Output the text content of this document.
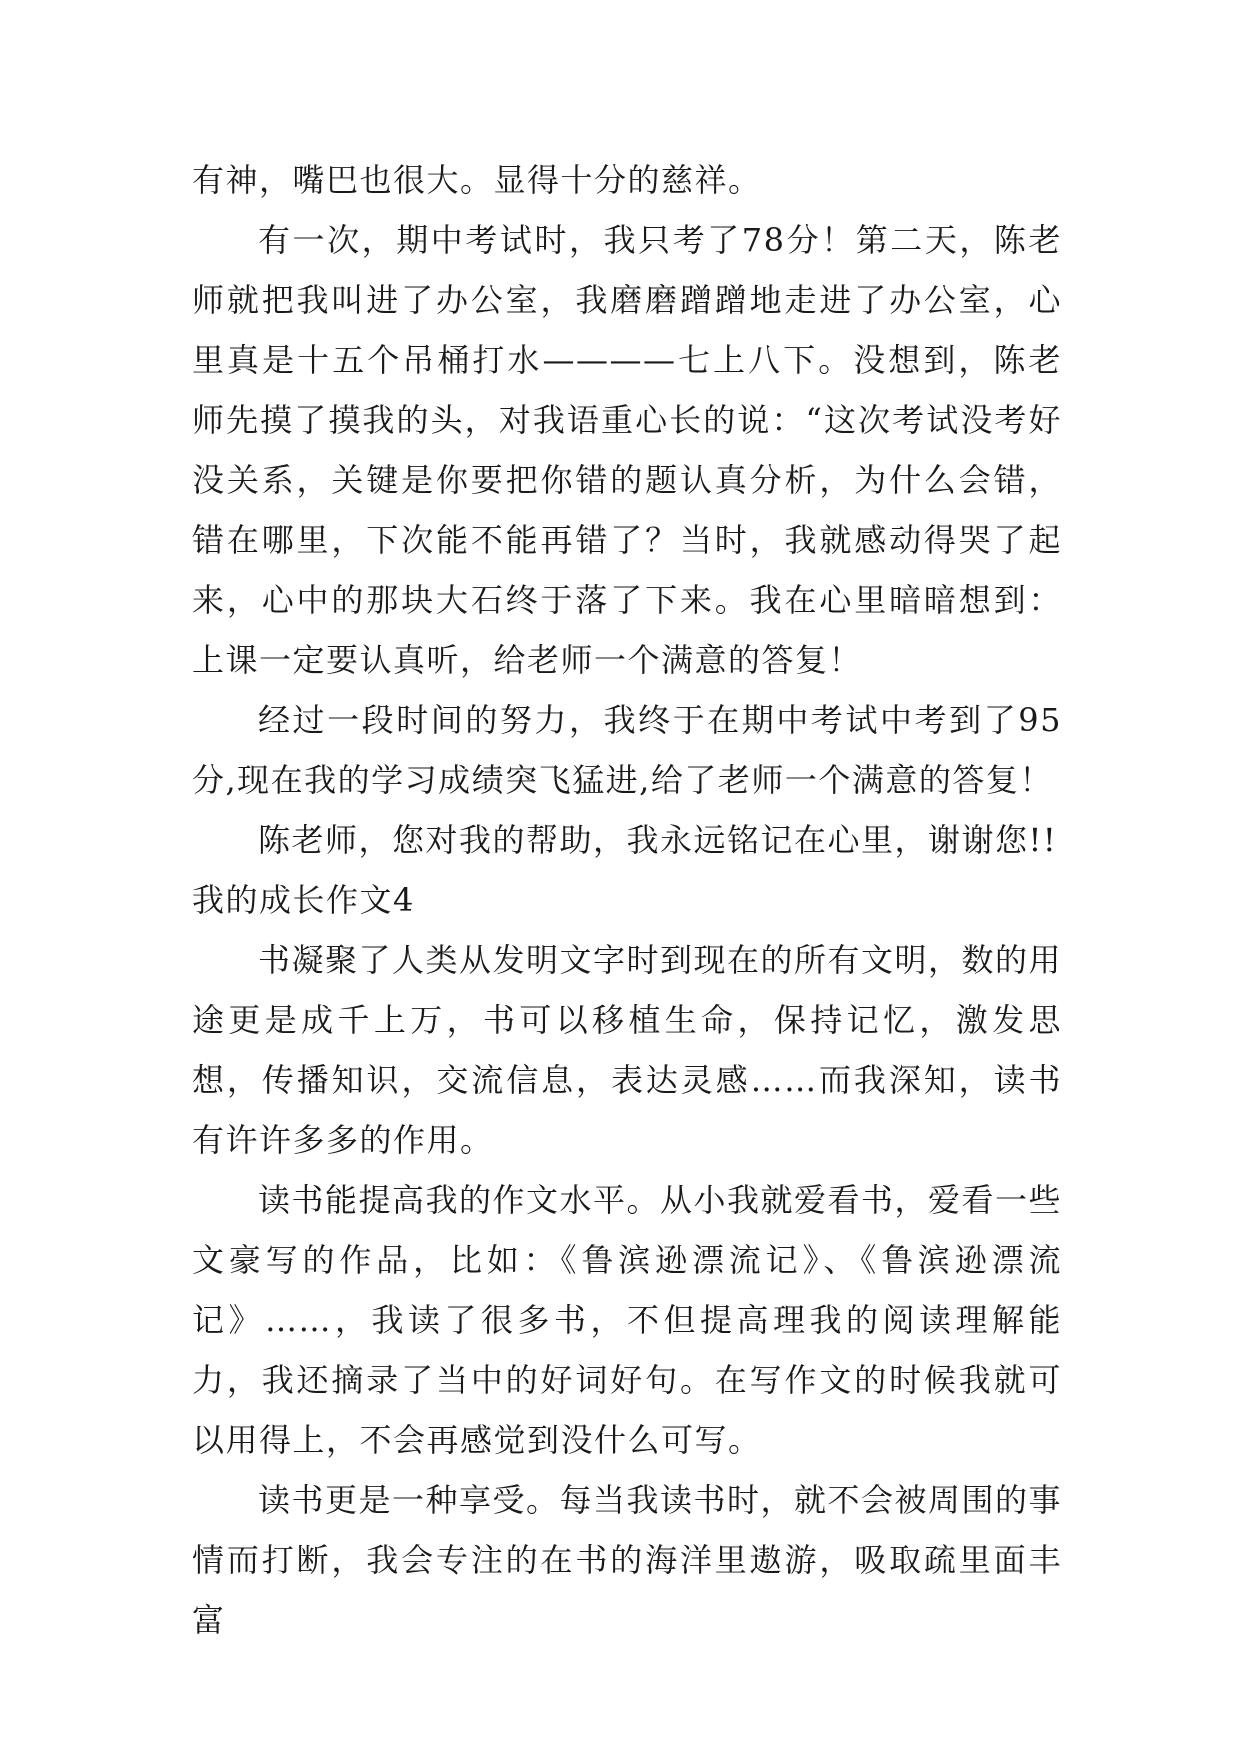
有神，嘴巴也很大。显得十分的慈祥。

有一次，期中考试时，我只考了78分！第二天，陈老师就把我叫进了办公室，我磨磨蹭蹭地走进了办公室，心里真是十五个吊桶打水————七上八下。没想到，陈老师先摸了摸我的头，对我语重心长的说：“这次考试没考好没关系，关键是你要把你错的题认真分析，为什么会错，错在哪里，下次能不能再错了？当时，我就感动得哭了起来，心中的那块大石终于落了下来。我在心里暗暗想到：上课一定要认真听，给老师一个满意的答复！

经过一段时间的努力，我终于在期中考试中考到了95分,现在我的学习成绩突飞猛进,给了老师一个满意的答复！

陈老师，您对我的帮助，我永远铭记在心里，谢谢您!!

我的成长作文4

书凝聚了人类从发明文字时到现在的所有文明，数的用途更是成千上万，书可以移植生命，保持记忆，激发思想，传播知识，交流信息，表达灵感……而我深知，读书有许许多多的作用。

读书能提高我的作文水平。从小我就爱看书，爱看一些文豪写的作品，比如：《鲁滨逊漂流记》、《鲁滨逊漂流记》……，我读了很多书，不但提高理我的阅读理解能力，我还摘录了当中的好词好句。在写作文的时候我就可以用得上，不会再感觉到没什么可写。

读书更是一种享受。每当我读书时，就不会被周围的事情而打断，我会专注的在书的海洋里遨游，吸取疏里面丰富
